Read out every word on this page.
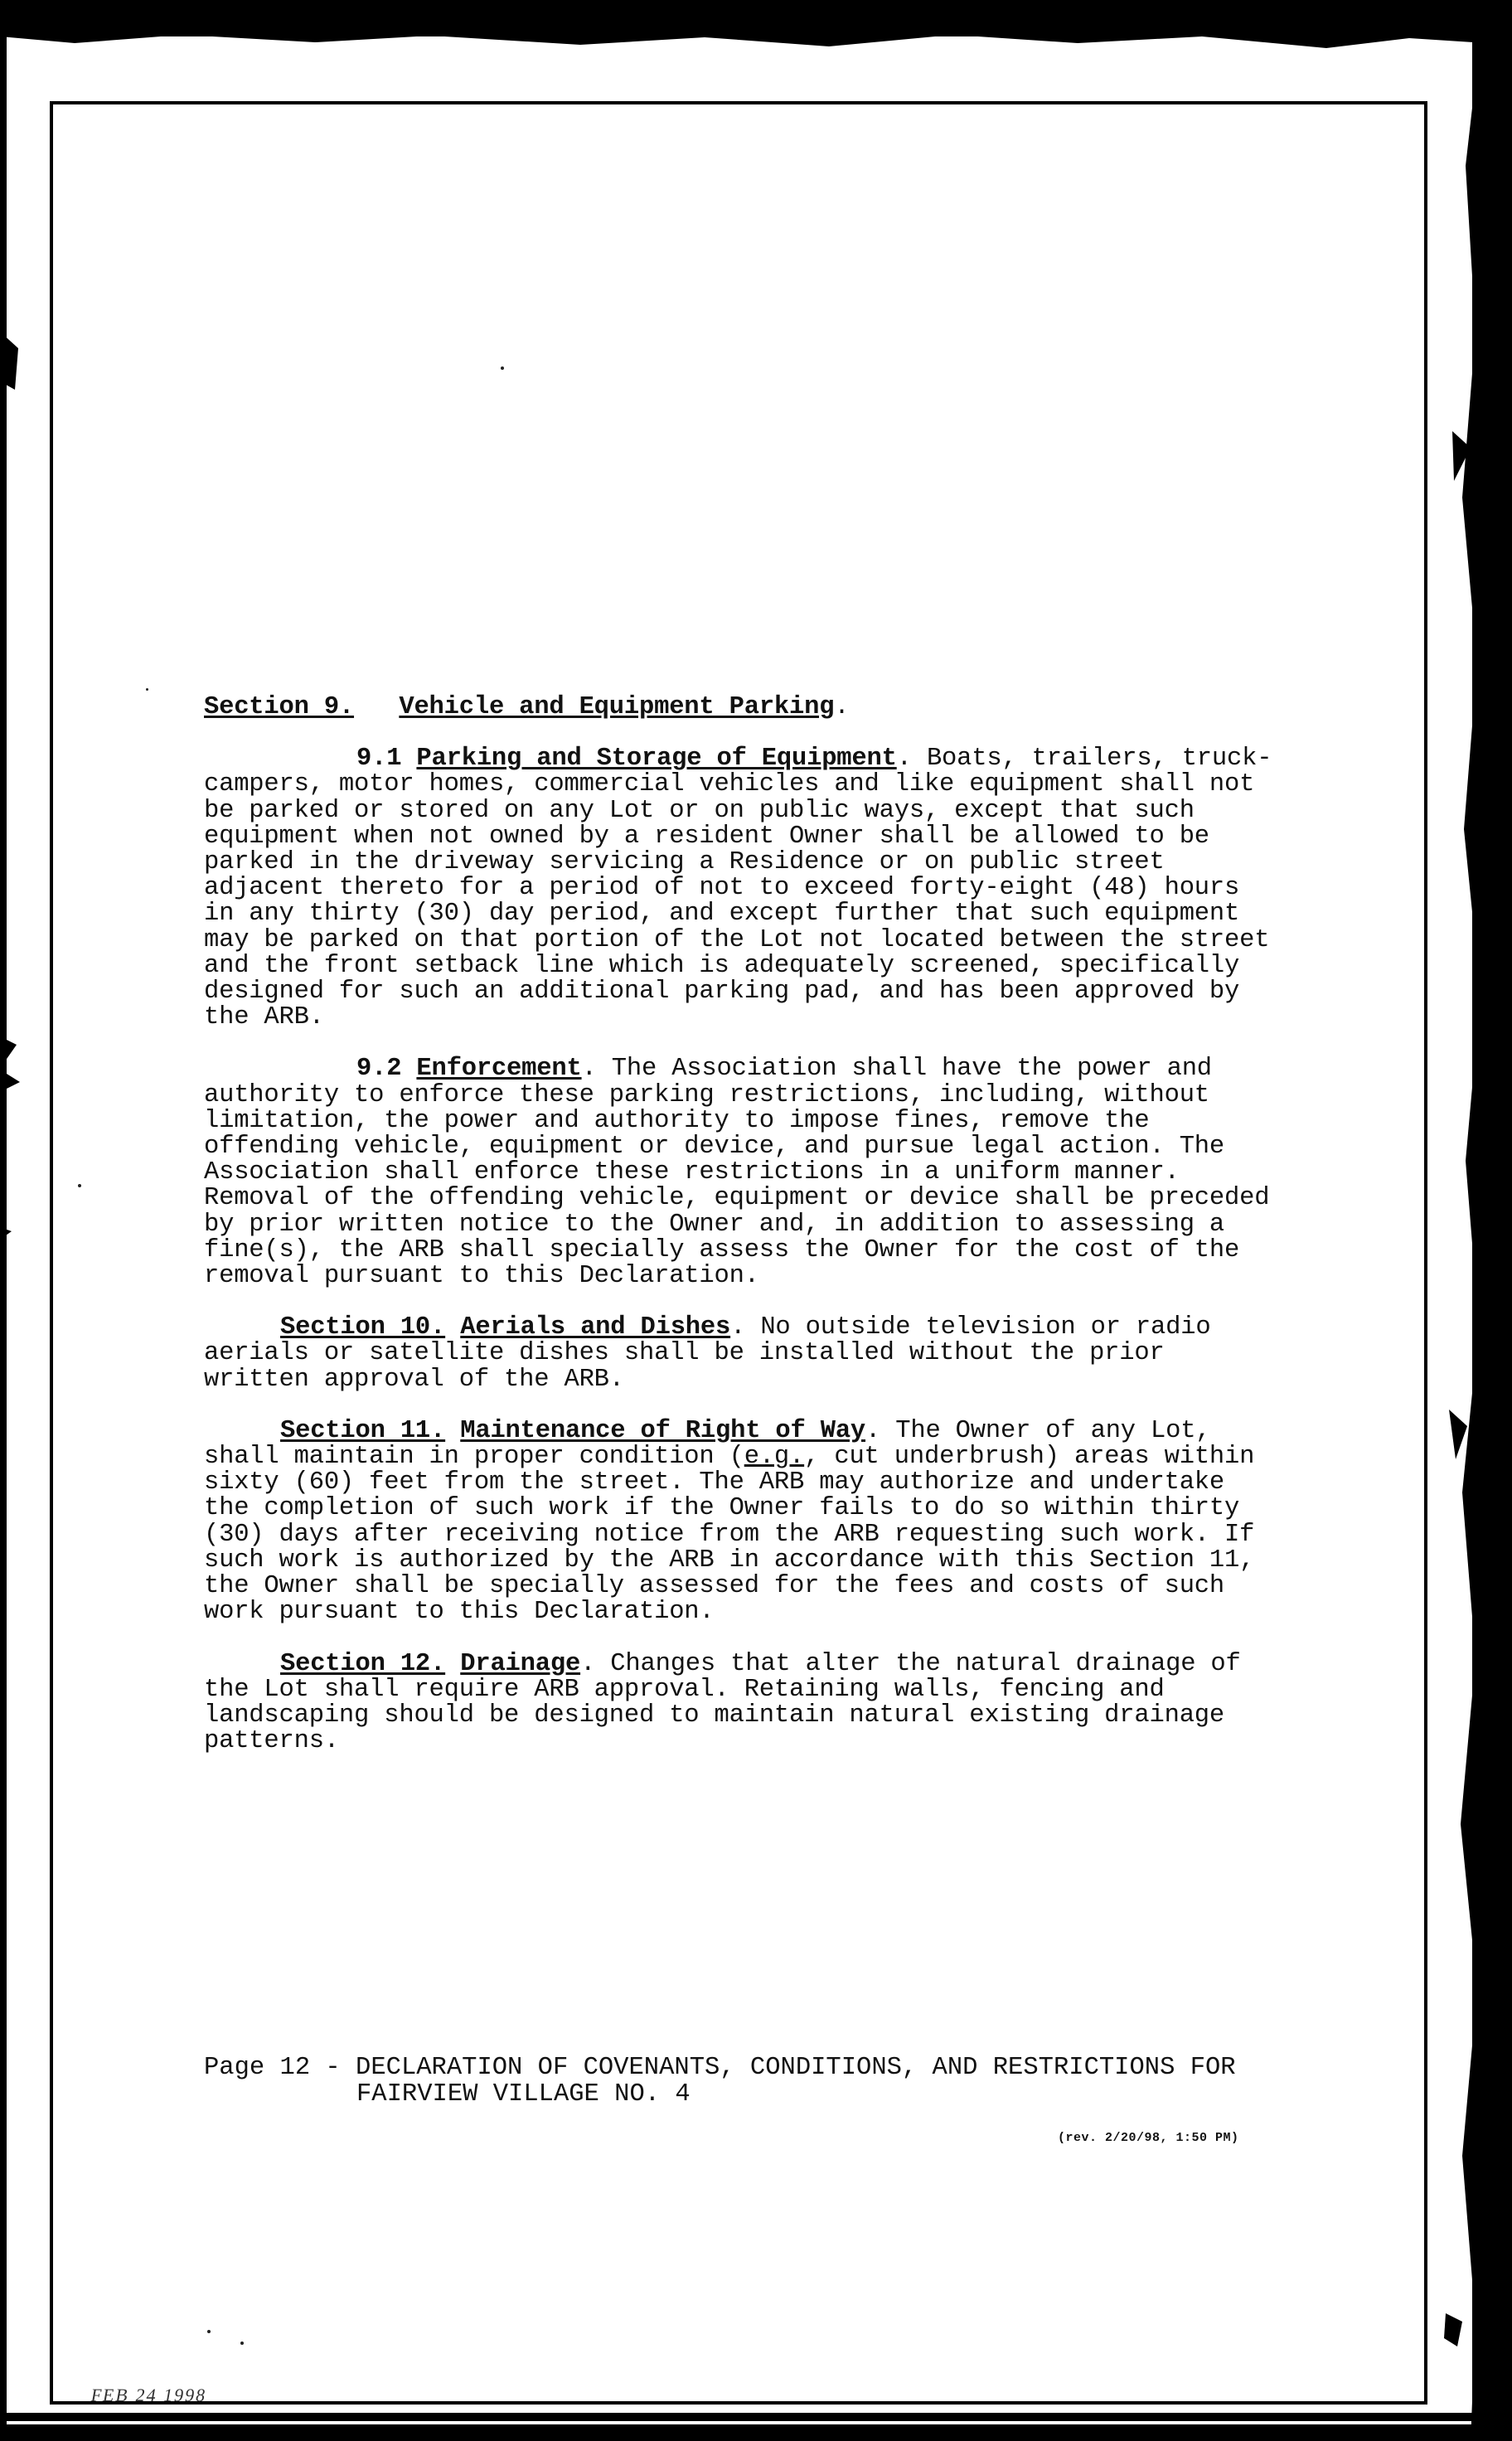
Section 9. Vehicle and Equipment Parking.

9.1 Parking and Storage of Equipment. Boats, trailers, truck-campers, motor homes, commercial vehicles and like equipment shall not be parked or stored on any Lot or on public ways, except that such equipment when not owned by a resident Owner shall be allowed to be parked in the driveway servicing a Residence or on public street adjacent thereto for a period of not to exceed forty-eight (48) hours in any thirty (30) day period, and except further that such equipment may be parked on that portion of the Lot not located between the street and the front setback line which is adequately screened, specifically designed for such an additional parking pad, and has been approved by the ARB.

9.2 Enforcement. The Association shall have the power and authority to enforce these parking restrictions, including, without limitation, the power and authority to impose fines, remove the offending vehicle, equipment or device, and pursue legal action. The Association shall enforce these restrictions in a uniform manner. Removal of the offending vehicle, equipment or device shall be preceded by prior written notice to the Owner and, in addition to assessing a fine(s), the ARB shall specially assess the Owner for the cost of the removal pursuant to this Declaration.

Section 10. Aerials and Dishes. No outside television or radio aerials or satellite dishes shall be installed without the prior written approval of the ARB.

Section 11. Maintenance of Right of Way. The Owner of any Lot, shall maintain in proper condition (e.g., cut underbrush) areas within sixty (60) feet from the street. The ARB may authorize and undertake the completion of such work if the Owner fails to do so within thirty (30) days after receiving notice from the ARB requesting such work. If such work is authorized by the ARB in accordance with this Section 11, the Owner shall be specially assessed for the fees and costs of such work pursuant to this Declaration.

Section 12. Drainage. Changes that alter the natural drainage of the Lot shall require ARB approval. Retaining walls, fencing and landscaping should be designed to maintain natural existing drainage patterns.

Page 12 - DECLARATION OF COVENANTS, CONDITIONS, AND RESTRICTIONS FOR
FAIRVIEW VILLAGE NO. 4
(rev. 2/20/98, 1:50 PM)
FEB 24 1998
